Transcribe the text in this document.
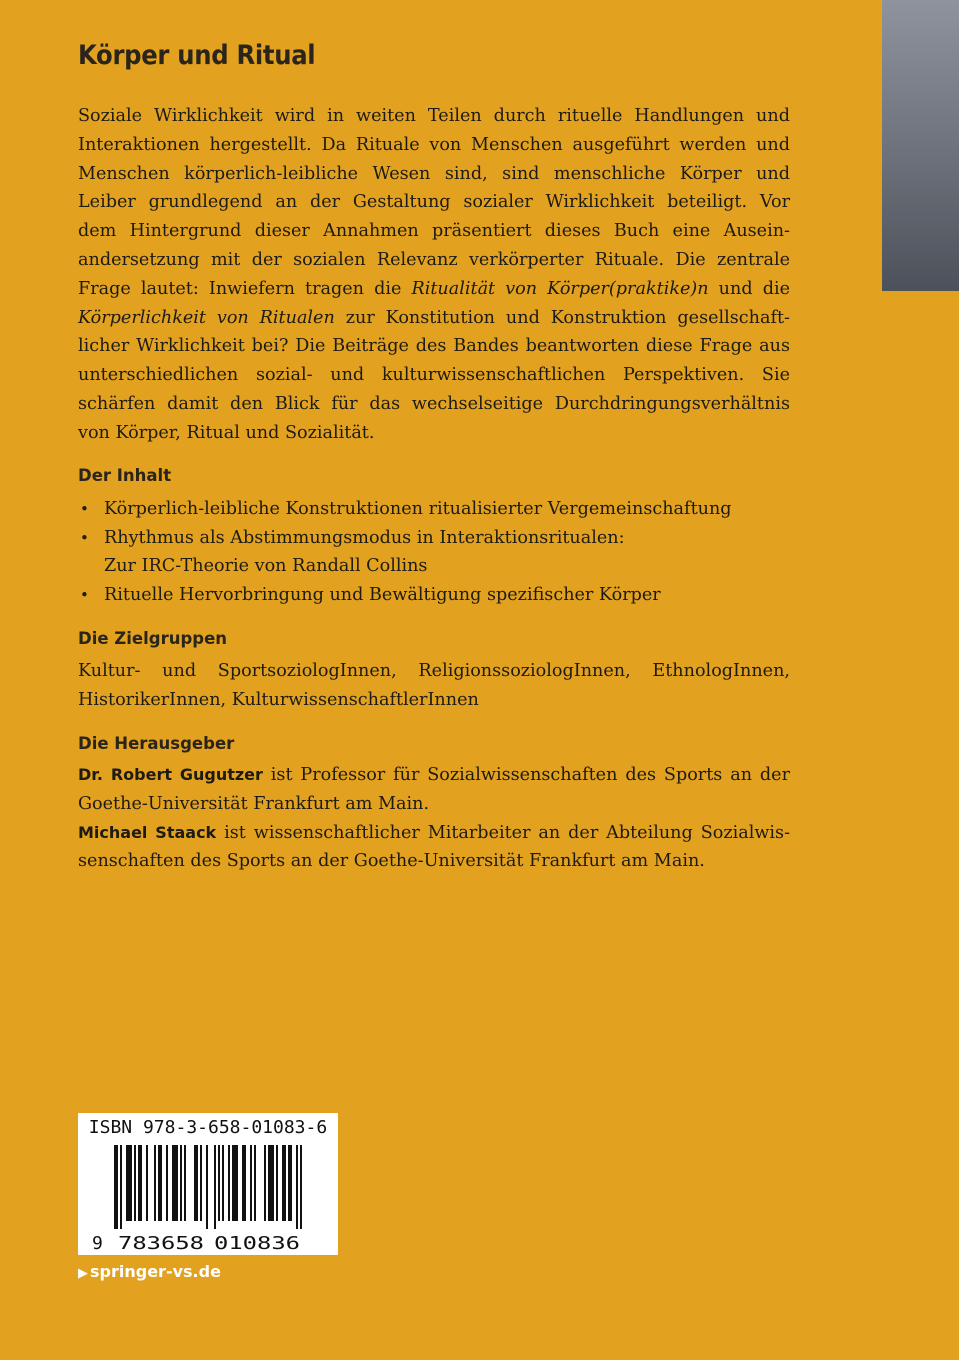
Körper und Ritual
Soziale Wirklichkeit wird in weiten Teilen durch rituelle Handlungen und
Interaktionen hergestellt. Da Rituale von Menschen ausgeführt werden und
Menschen körperlich-leibliche Wesen sind, sind menschliche Körper und
Leiber grundlegend an der Gestaltung sozialer Wirklichkeit beteiligt. Vor
dem Hintergrund dieser Annahmen präsentiert dieses Buch eine Ausein-
andersetzung mit der sozialen Relevanz verkörperter Rituale. Die zentrale
Frage lautet: Inwiefern tragen die Ritualität von Körper(praktike)n und die
Körperlichkeit von Ritualen zur Konstitution und Konstruktion gesellschaft-
licher Wirklichkeit bei? Die Beiträge des Bandes beantworten diese Frage aus
unterschiedlichen sozial- und kulturwissenschaftlichen Perspektiven. Sie
schärfen damit den Blick für das wechselseitige Durchdringungsverhältnis
von Körper, Ritual und Sozialität.
Der Inhalt
• Körperlich-leibliche Konstruktionen ritualisierter Vergemeinschaftung
• Rhythmus als Abstimmungsmodus in Interaktionsritualen:
Zur IRC-Theorie von Randall Collins
• Rituelle Hervorbringung und Bewältigung spezifischer Körper
Die Zielgruppen
Kultur- und SportsoziologInnen, ReligionssoziologInnen, EthnologInnen,
HistorikerInnen, KulturwissenschaftlerInnen
Die Herausgeber
Dr. Robert Gugutzer ist Professor für Sozialwissenschaften des Sports an der
Goethe-Universität Frankfurt am Main.
Michael Staack ist wissenschaftlicher Mitarbeiter an der Abteilung Sozialwis-
senschaften des Sports an der Goethe-Universität Frankfurt am Main.
ISBN 978-3-658-01083-6
9 783658 010836
▶ springer-vs.de
